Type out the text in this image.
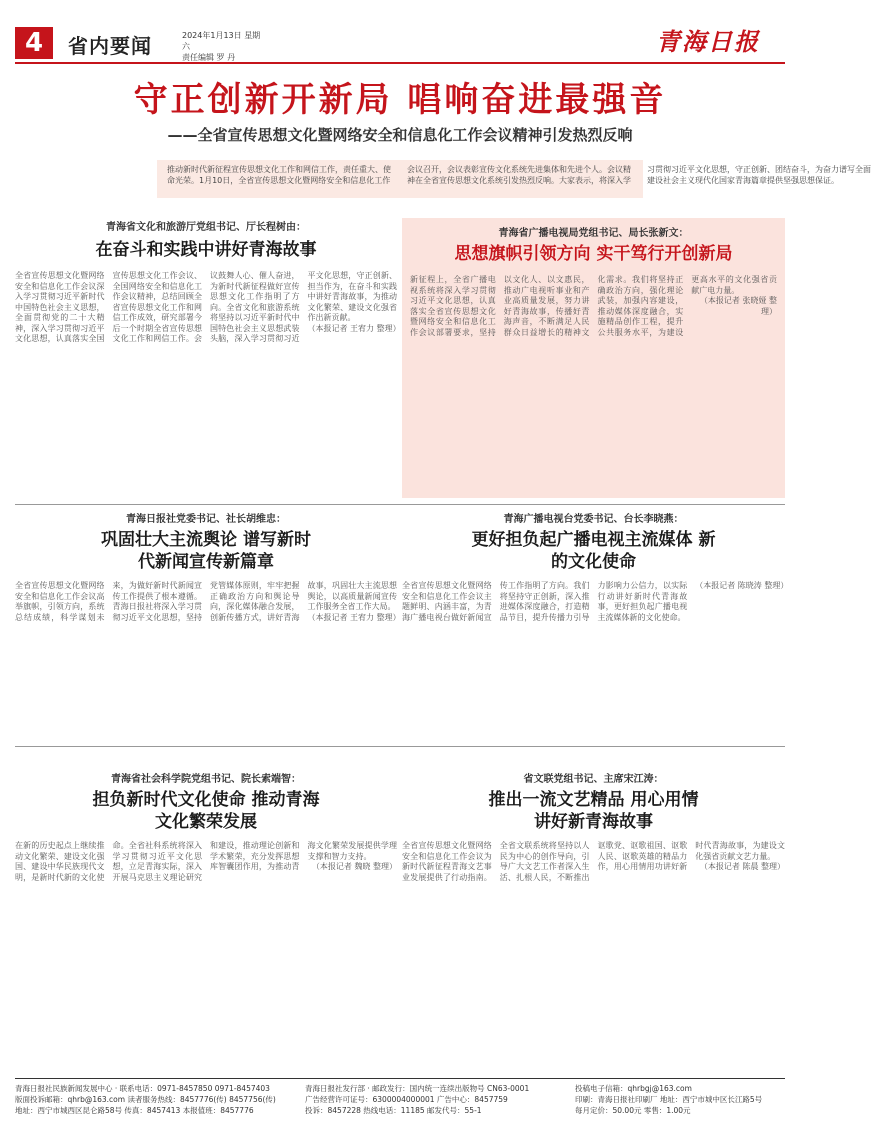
4	省内要闻	2024年1月13日 星期六
责任编辑 罗 丹
青海日报
守正创新开新局 唱响奋进最强音
——全省宣传思想文化暨网络安全和信息化工作会议精神引发热烈反响
推动新时代新征程宣传思想文化工作和网信工作，责任重大、使命光荣。1月10日，全省宣传思想文化暨网络安全和信息化工作会议召开，会议表彰宣传文化系统先进集体和先进个人。会议精神在全省宣传思想文化系统引发热烈反响。大家表示，将深入学习贯彻习近平文化思想，守正创新、团结奋斗，为奋力谱写全面建设社会主义现代化国家青海篇章提供坚强思想保证。
青海省文化和旅游厅党组书记、厅长程树由：
在奋斗和实践中讲好青海故事
全省宣传思想文化暨网络安全和信息化工作会议深入学习贯彻习近平新时代中国特色社会主义思想，全面贯彻党的二十大精神，深入学习贯彻习近平文化思想，认真落实全国宣传思想文化工作会议、全国网络安全和信息化工作会议精神，总结回顾全省宣传思想文化工作和网信工作成效，研究部署今后一个时期全省宣传思想文化工作和网信工作。会议鼓舞人心、催人奋进，为新时代新征程做好宣传思想文化工作指明了方向。全省文化和旅游系统将坚持以习近平新时代中国特色社会主义思想武装头脑，深入学习贯彻习近平文化思想，守正创新、担当作为，在奋斗和实践中讲好青海故事，为推动文化繁荣、建设文化强省作出新贡献。
（本报记者 王宥力 整理）
青海省广播电视局党组书记、局长张新文：
思想旗帜引领方向 实干笃行开创新局
新征程上，全省广播电视系统将深入学习贯彻习近平文化思想，认真落实全省宣传思想文化暨网络安全和信息化工作会议部署要求，坚持以文化人、以文惠民，推动广电视听事业和产业高质量发展，努力讲好青海故事，传播好青海声音，不断满足人民群众日益增长的精神文化需求。我们将坚持正确政治方向，强化理论武装，加强内容建设，推动媒体深度融合，实施精品创作工程，提升公共服务水平，为建设更高水平的文化强省贡献广电力量。
（本报记者 张晓娅 整理）
青海日报社党委书记、社长胡维忠：
巩固壮大主流舆论 谱写新时代新闻宣传新篇章
全省宣传思想文化暨网络安全和信息化工作会议高举旗帜，引领方向，系统总结成绩，科学谋划未来，为做好新时代新闻宣传工作提供了根本遵循。青海日报社将深入学习贯彻习近平文化思想，坚持党管媒体原则，牢牢把握正确政治方向和舆论导向，深化媒体融合发展，创新传播方式，讲好青海故事，巩固壮大主流思想舆论，以高质量新闻宣传工作服务全省工作大局。
（本报记者 王宥力 整理）
青海广播电视台党委书记、台长李晓燕：
更好担负起广播电视主流媒体 新的文化使命
全省宣传思想文化暨网络安全和信息化工作会议主题鲜明、内涵丰富，为青海广播电视台做好新闻宣传工作指明了方向。我们将坚持守正创新，深入推进媒体深度融合，打造精品节目，提升传播力引导力影响力公信力，以实际行动讲好新时代青海故事，更好担负起广播电视主流媒体新的文化使命。
（本报记者 陈晓涛 整理）
青海省社会科学院党组书记、院长索端智：
担负新时代文化使命 推动青海文化繁荣发展
在新的历史起点上继续推动文化繁荣、建设文化强国、建设中华民族现代文明，是新时代新的文化使命。全省社科系统将深入学习贯彻习近平文化思想，立足青海实际，深入开展马克思主义理论研究和建设，推动理论创新和学术繁荣，充分发挥思想库智囊团作用，为推动青海文化繁荣发展提供学理支撑和智力支持。
（本报记者 魏晓 整理）
省文联党组书记、主席宋江涛：
推出一流文艺精品 用心用情讲好新青海故事
全省宣传思想文化暨网络安全和信息化工作会议为新时代新征程青海文艺事业发展提供了行动指南。全省文联系统将坚持以人民为中心的创作导向，引导广大文艺工作者深入生活、扎根人民，不断推出讴歌党、讴歌祖国、讴歌人民、讴歌英雄的精品力作，用心用情用功讲好新时代青海故事，为建设文化强省贡献文艺力量。
（本报记者 陈晨 整理）
青海日报社民族新闻发展中心 · 联系电话：0971-8457850 0971-8457403
版面投诉邮箱：qhrb@163.com 读者服务热线：8457776(传) 8457756(传)
地址：西宁市城西区昆仑路58号 传真：8457413 本报值班：8457776
青海日报社发行部 · 邮政发行：国内统一连续出版物号 CN63-0001
广告经营许可证号：6300004000001 广告中心：8457759
投诉：8457228 热线电话：11185 邮发代号：55-1
投稿电子信箱：qhrbgj@163.com
印刷：青海日报社印刷厂 地址：西宁市城中区长江路5号
每月定价：50.00元 零售：1.00元
